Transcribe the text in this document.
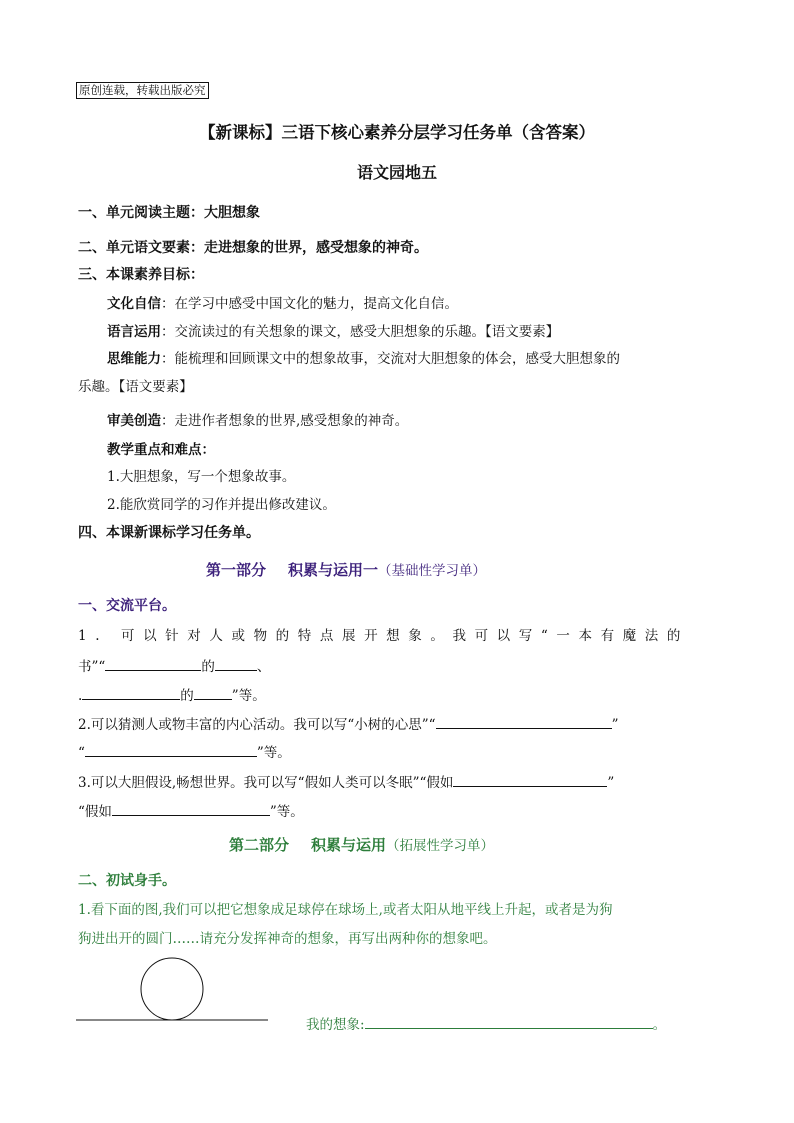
原创连载，转载出版必究
【新课标】三语下核心素养分层学习任务单（含答案）
语文园地五
一、单元阅读主题：大胆想象
二、单元语文要素：走进想象的世界，感受想象的神奇。
三、本课素养目标：
文化自信：在学习中感受中国文化的魅力，提高文化自信。
语言运用：交流读过的有关想象的课文，感受大胆想象的乐趣。【语文要素】
思维能力：能梳理和回顾课文中的想象故事，交流对大胆想象的体会，感受大胆想象的
乐趣。【语文要素】
审美创造：走进作者想象的世界,感受想象的神奇。
教学重点和难点：
1.大胆想象，写一个想象故事。
2.能欣赏同学的习作并提出修改建议。
四、本课新课标学习任务单。
第一部分 积累与运用一（基础性学习单）
一、交流平台。
1. 可以针对人或物的特点展开想象。我可以写“一本有魔法的
书”“	的	、
.	的	”等。
2.可以猜测人或物丰富的内心活动。我可以写“小树的心思”“	”
“	”等。
3.可以大胆假设,畅想世界。我可以写“假如人类可以冬眠”“假如	”
“假如	”等。
第二部分 积累与运用（拓展性学习单）
二、初试身手。
1.看下面的图,我们可以把它想象成足球停在球场上,或者太阳从地平线上升起，或者是为狗
狗进出开的圆门……请充分发挥神奇的想象，再写出两种你的想象吧。
我的想象:	。
